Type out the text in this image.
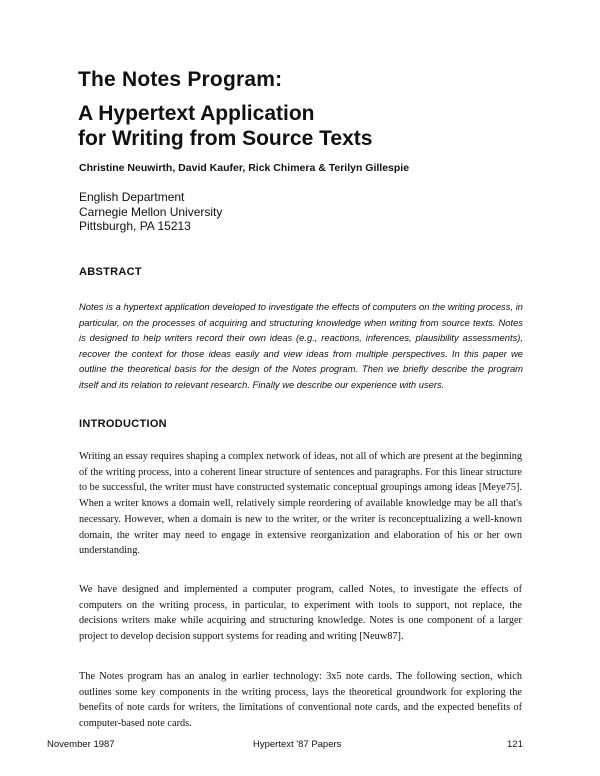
The Notes Program:
A Hypertext Application
for Writing from Source Texts
Christine Neuwirth, David Kaufer, Rick Chimera & Terilyn Gillespie
English Department
Carnegie Mellon University
Pittsburgh, PA 15213
ABSTRACT
Notes is a hypertext application developed to investigate the effects of computers on the writing process, in particular, on the processes of acquiring and structuring knowledge when writing from source texts. Notes is designed to help writers record their own ideas (e.g., reactions, inferences, plausibility assessments), recover the context for those ideas easily and view ideas from multiple perspectives. In this paper we outline the theoretical basis for the design of the Notes program. Then we briefly describe the program itself and its relation to relevant research. Finally we describe our experience with users.
INTRODUCTION
Writing an essay requires shaping a complex network of ideas, not all of which are present at the beginning of the writing process, into a coherent linear structure of sentences and paragraphs. For this linear structure to be successful, the writer must have constructed systematic conceptual groupings among ideas [Meye75]. When a writer knows a domain well, relatively simple reordering of available knowledge may be all that's necessary. However, when a domain is new to the writer, or the writer is reconceptualizing a well-known domain, the writer may need to engage in extensive reorganization and elaboration of his or her own understanding.
We have designed and implemented a computer program, called Notes, to investigate the effects of computers on the writing process, in particular, to experiment with tools to support, not replace, the decisions writers make while acquiring and structuring knowledge. Notes is one component of a larger project to develop decision support systems for reading and writing [Neuw87].
The Notes program has an analog in earlier technology: 3x5 note cards. The following section, which outlines some key components in the writing process, lays the theoretical groundwork for exploring the benefits of note cards for writers, the limitations of conventional note cards, and the expected benefits of computer-based note cards.
November 1987	Hypertext '87 Papers	121
